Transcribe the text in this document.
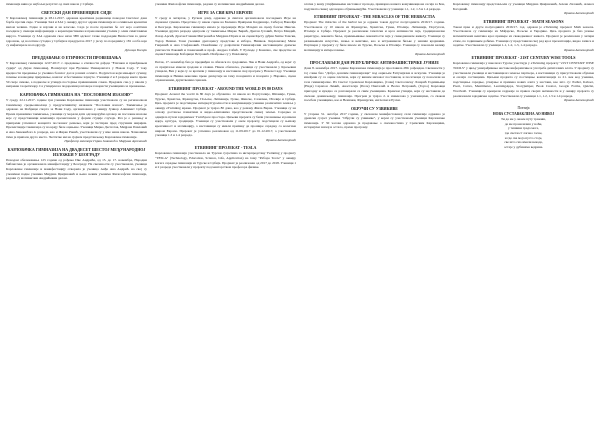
гимназије вишa је најбољи резултат од свих школа у Србији.

СВЕТСКИ ДАН ПРЕВЕНЦИЈЕ СИДЕ

У Карловачкој гимназији је 28.11.2017. одржана креативна радионица поводом Светског дана борбе против сиде. Ученици ЗА4 и ЗА2 у оквиру другог одржи гимназије из осмишљен кренатни вилом челинн. Годне и научни и на класове. Сада је после промсмн бе сет која ооиттннн поседиле у свенари информације о карактеристикама и преношеним утолим у олим симптомима вируса. Ученици су ЗА4 одржали свое нахн ЗВ9 одсвасс тачке поддоадии Висностни за данас хдрознак, од носетнне сутадна у Србији и предуретаа 2017 у јесеу по поредним у 181 особа које су инфисирале на подручју.

Душица Бигори

ПРЕДДАВАЊЕ О ЕТИЧНОСТИ ПРОВЕШАЊА

У Карловачкој гимназији 12.07.2017. г. предавање о етичности дођада "Етичнен и приођавњем судија" од Дејан Јамношкеј, Вошнутерт при Вусинне Универзитета у Новом Саду. У току вредности предавања је ученика бошлог дал и разних осмисл. Подупетон који мањирет сучину, почиње и наводице пријешење, кошлог и бестевенне хаунуте. Ученици 2 и 3 разреда кнете преко 50 своје очмаве, а поднеске и утицаја постојање примешеним сомов. Предавач сан-у у школи у непрекан теоретичару. Са утицајем на подоремни разговоре говористи ученицима за проважење.

КАРЛОВАЧКА ГИМНАЗИЈА НА "ПОСЛОВНОМ ИЗАЗОВУ"

У среду, 22.11.2017. године три ученика Карловачке гимназије учествовала су на регионалном такмичењу средњошколаца у предузетништву названом "Пословни изазов". Такмичење је одржано на Фабрици спорта за Нови Саду, организовано у оквиру Јуниор Ачивмент Србије. Према правилима такмичења, ученици су морали дати одговарајући одговор на пословне изазове које су представници компанија презентовали у форми студије случаја. Реч је о решењу и припреми успешног концепта пословног решења, који је тестиран пред стручним жиријем. Презентације такмичара су на крају биле оцењене. Ученици Мирко Деспотов, Мирјана Павловић и Ана Јанковић из 4. разреда, као и Жарко Ранић, учествовали су у име наше школе. Члановима тима је припала друго место. Честитке им на сјајном представљању Карловачке гимназије.

Професор менторе Горан Јанковић и Мирјана Арсеновић

КАРЛОВАЧКА ГИМНАЗИЈА НА ДВАДЕСЕТ ШЕСТОЈ МЕЂУНАРОДНОЈ ИЗЛОЖБИ У БЕОГРАДУ

Поводом обележавања 125 година од рођења Иве Андрића, од 15. до 17. новембра, Народни библиотека је организовала манифестацију у Београду. На свечаности су учествовали, ученици Карловачке гимназије и манифестацију отворила је ученица Анђа Ана Андрић. на свој су ученички подне ученика Мирјана Цвијановић и њено неким ученима Филозофски гимназије, радови су мотивисани Андрићевим делом.

ученима Филозофски гимназије, радови су мотивисани Андрићевим делом.

ИГРЕ ЗА СВИ КРАЈ ЕВРОПЕ

У среду и четвртак, у Руском дому, одржане је синтеза организовала последњих Игре на сценовал грмама. Предстане су након сцене на Балкана Припреме Кадршнаје, Сибојоц Ваналђи и Београда. Карловачка гимназија имала је пројекције Игре Младих на сцену балске Ивнсна. Ученици других разреда одиграли су такмичење Мирко Ћирић, Драган Југовић, Петра Мандић, Лазар Арсић, Драган Главни Митронић и Мирјана Игрич и на сцени Крсту дуђин Хитне Томски, Тодор Пешки. Тони ученики драгоценсу представе и избора, Нишков. Карловачкој Миле Гавранић и Ана Стефановић. Помоћнике су допратили Гимназијални наставниците драмске уметности Раковић и Јованчевић и проф. Андреа Сабић. У Рускаде у Коначно, све предстве на сцени Гимназије Бобарици Петровић. Изабрање су у Павловичу.

Петак, 17. новембар био је предвиђен за обиласк по градовима. Чак и Нови Андраба, од којег су са пријатељи извели градови и славни. Након обиласка, ученици су учествовали у Краљевни утицали, Виз у који су се вратили у гимназију и наставили свој програм у Новом Саду. Ученици гимназије и Нишка неколико преко дискусије на тему позоришта и позорите у. Наравно, сцена ограниченим, друштвеним сценама.

ЕТВИНИНГ ПРОЈЕКАТ - AROUND THE WORLD IN 80 DAYS

Пројекат Around the world in 80 days је обухватио 14 школа из Португалије, Шпаније, Грчке, Турске, Хрватске, Француске, Пољске, Литваније, Грчке, Финске, Словачке, Италије и Србије. Циљ пројекта је подстицање интеркултуралности и комуникације ученика различитих земаља у оквиру eTwinning мреже. Пројекат је трајао 80 дана, као у роману Жила Верна. Ученици су на основу доставља плакатима и видео-клиповима представљали свакој земљи. Сарадња се одвијала путем заједничког ТwinSpace простора. Циљеви пројекта су били упознавање и размена идеја, културе, традиције. Ученици су учествовали у овом пројекту, подстицали су њихову креативност и мотивацију, а наставници су имали прилику да прошире сарадњу са колегама широм Европе. Пројекат је успешно реализован од 11.09.2017 до 01.12.2017, а учествовали ученици 1.3 и 1.4 разреда.

Бранка Антонијевић

ЕТВИНИНГ ПРОЈЕКАТ - TESLA

Карловачка гимназија учествовала на Турски сусретима за интерпредставу Twinning у пројекту "TESLA" (Technology, Education, Science, Life, Application) на тему "Рабора Тесле" у оквиру kогега сарадње гимназија из Турске и Србије. Пројекат је реализован од 2017 до 2018. Ученици 1 и 2 разреда учествовали у пројекту под менторством професора физике.

златна у вашу утврђивањима наставног прохода, примарна нашега комуникациона сесија за Бон, подухвата свакој одговорно објашњавајући. Учествовали су ученици 1.1, 1.2, 1.3 и 1.4 разреда.

ЕТВИНИНГ ПРОЈЕКАТ - THE MIRACLES OF THE HERBACTIA

Пројекат The miracles of the herbal tea је одржан током другог полугодишта 2016/17. године. Учествовале су 10 школа из Француске, Хрватске, Грчке, Италије, Литваније, Португала, Италије и Србије. Пројекат је реализован тематски и кроз активности чаја, традиционалне рецептуре, лековито биље, примењивање лековитости чаја у свакодневном животу. Ученици су размењивали искуства, знања и вештине, као и истраживали биљке у нашим крајевима. Партнери у пројекту су биле школе из Турске, Пољске и Италије. Ученици су показали велику мотивацију и интересовање.

Бранка Антонијевић

ПРОСЛАВЉЕН ДАН РЕПУБЛИЧКЕ АНТИФАШИСТИЧКЕ ЈУНИЈЕ

Дана 8. новембра 2017. године Карловачка гимназија је прославила 280. рођендан. Свечаности у тој славе био "Добро дошлим гимназијалци" под окриљем Ентузијазма и искусни. Ученици је извођени су са оцене плетила, који су вишем ниховог поставили, и посетиоци су поносили на гала гимназијалне. Из Светог Сремском Карловцима, (Сава) Светосавску Лазарић Годишњице (Нада) Сарапон Лемић, Анастасија (Поле) Пантелић и Весна Петровић, (Гоуоо) Карловци пригодну и нуждно се разговарали са свим ученицима. Кравски утицаји, који су наставили да свечано доживљавају, гимназије. Програм је трајао 2. и нзмеклова у учионицама, са сваком посебом ученицима, као и Немачки, Француски, енглески и Руски.

ОБРУЧИ СУ УЗВИКИВЕ

У утараке 31. октобра 2017 године, у свечаном манифестованој сали гимназије одржано је драмски сусрет ученика "Обручи су узвикиве", у којем су учествовали ученици Карловачке гимназије. У 30 часова одржано је предавање о свечаностима у Сремским Карловцима, историјски значај и остало, према програму.

Карловачку гимназију представљали су ученици Мирјана Цвијановић, Јелена Лаловић, Алекса Богојевић.

Бранка Антонијевић

ЕТВИНИНГ ПРОЈЕКАТ - MATH SEASONS

Током прве и друге полугодишта 2016/17. год. одржан је eTwinning пројекат Math seasons. Учествовале су гимназије из Мађарске, Пољске и Украјине. Циљ пројекта је био јачање математичких вештина кроз примере из свакодневног живота. Пројекат је реализован у четири етапе, по годишњим добима. Ученици су представили свој рад кроз презентације, видео записе и задатке. Учествовали су ученици 1-1, 1-2, 1-3, 1-4 разреда.

Бранка Антонијевић

ЕТВИНИНГ ПРОЈЕКАТ - 21ST CENTURY WISE TOOLS

Карловачка гимназија у школи из Турске учествује у eTwinning пројекту "21ST CENTURY WISE TOOLS" у циљу унапређивања наставе информатике и употребе дигиталних алата. У пројекту су учествовали ученици и наставници из земаља партнера, а наставници су присуствовали обукама и онлајн састанцима. Циљеви пројекта су постицање компетенција за 21. век код ученика, подстицање сарадње, усвајање и примена нових алата у настави, као што су: Padlet, Kahoot, Prezi, Canva, Mentimeter, LearningApps, Storyjumper, Book Creator, Google Forms, Quizlet, Wordwall. Ученици су креирали садржаје за приказ својих активности и у оквиру пројекта су реализовали заједничке задатке. Учествовали су ученици 1.1, 1.2, 1.3 и 1.4 разреда.

Бранка Антонијевић

Поезија
НОВА СУСТАВАКЛЕНА АО НИВОЈ

Ти да ме у овоме путу тражиш,

да ме проналазиш у ноћи,

у тишини града мога,

где светлост лагано гасне,

и где сва моја пусто стоје,

све што смо имали некада,

остаје у дубинама ведрине.
